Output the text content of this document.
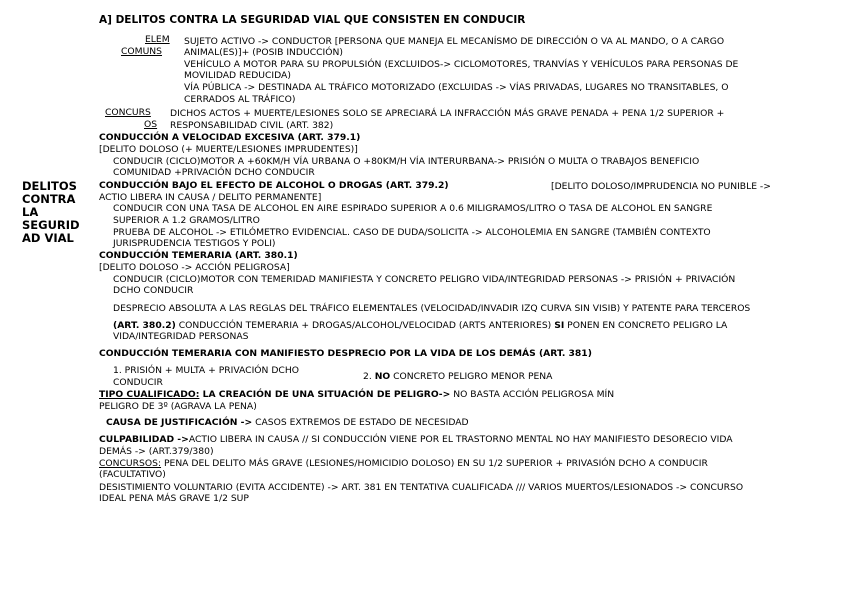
DELITOS
CONTRA
LA
SEGURID
AD VIAL
A] DELITOS CONTRA LA SEGURIDAD VIAL QUE CONSISTEN EN CONDUCIR
ELEM
COMUNS
SUJETO ACTIVO -> CONDUCTOR [PERSONA QUE MANEJA EL MECANÍSMO DE DIRECCIÓN O VA AL MANDO, O A CARGO
ANIMAL(ES)]+ (POSIB INDUCCIÓN)
VEHÍCULO A MOTOR PARA SU PROPULSIÓN (EXCLUIDOS-> CICLOMOTORES, TRANVÍAS Y VEHÍCULOS PARA PERSONAS DE
MOVILIDAD REDUCIDA)
VÍA PÚBLICA -> DESTINADA AL TRÁFICO MOTORIZADO (EXCLUIDAS -> VÍAS PRIVADAS, LUGARES NO TRANSITABLES, O
CERRADOS AL TRÁFICO)
CONCURS
OS
DICHOS ACTOS + MUERTE/LESIONES SOLO SE APRECIARÁ LA INFRACCIÓN MÁS GRAVE PENADA + PENA 1/2 SUPERIOR +
RESPONSABILIDAD CIVIL (ART. 382)
CONDUCCIÓN A VELOCIDAD EXCESIVA (ART. 379.1)
[DELITO DOLOSO (+ MUERTE/LESIONES IMPRUDENTES)]
CONDUCIR (CICLO)MOTOR A +60KM/H VÍA URBANA O +80KM/H VÍA INTERURBANA-> PRISIÓN O MULTA O TRABAJOS BENEFICIO
COMUNIDAD +PRIVACIÓN DCHO CONDUCIR
CONDUCCIÓN BAJO EL EFECTO DE ALCOHOL O DROGAS (ART. 379.2)	[DELITO DOLOSO/IMPRUDENCIA NO PUNIBLE ->
ACTIO LIBERA IN CAUSA / DELITO PERMANENTE]
CONDUCIR CON UNA TASA DE ALCOHOL EN AIRE ESPIRADO SUPERIOR A 0.6 MILIGRAMOS/LITRO O TASA DE ALCOHOL EN SANGRE
SUPERIOR A 1.2 GRAMOS/LITRO
PRUEBA DE ALCOHOL -> ETILÓMETRO EVIDENCIAL. CASO DE DUDA/SOLICITA -> ALCOHOLEMIA EN SANGRE (TAMBIÉN CONTEXTO
JURISPRUDENCIA TESTIGOS Y POLI)
CONDUCCIÓN TEMERARIA (ART. 380.1)
[DELITO DOLOSO -> ACCIÓN PELIGROSA]
CONDUCIR (CICLO)MOTOR CON TEMERIDAD MANIFIESTA Y CONCRETO PELIGRO VIDA/INTEGRIDAD PERSONAS -> PRISIÓN + PRIVACIÓN
DCHO CONDUCIR
DESPRECIO ABSOLUTA A LAS REGLAS DEL TRÁFICO ELEMENTALES (VELOCIDAD/INVADIR IZQ CURVA SIN VISIB) Y PATENTE PARA TERCEROS
(ART. 380.2) CONDUCCIÓN TEMERARIA + DROGAS/ALCOHOL/VELOCIDAD (ARTS ANTERIORES) SI PONEN EN CONCRETO PELIGRO LA
VIDA/INTEGRIDAD PERSONAS
CONDUCCIÓN TEMERARIA CON MANIFIESTO DESPRECIO POR LA VIDA DE LOS DEMÁS (ART. 381)
1. PRISIÓN + MULTA + PRIVACIÓN DCHO
CONDUCIR
2. NO CONCRETO PELIGRO MENOR PENA
TIPO CUALIFICADO: LA CREACIÓN DE UNA SITUACIÓN DE PELIGRO-> NO BASTA ACCIÓN PELIGROSA MÍN
PELIGRO DE 3º (AGRAVA LA PENA)
CAUSA DE JUSTIFICACIÓN -> CASOS EXTREMOS DE ESTADO DE NECESIDAD
CULPABILIDAD ->ACTIO LIBERA IN CAUSA // SI CONDUCCIÓN VIENE POR EL TRASTORNO MENTAL NO HAY MANIFIESTO DESORECIO VIDA
DEMÁS -> (ART.379/380)
CONCURSOS: PENA DEL DELITO MÁS GRAVE (LESIONES/HOMICIDIO DOLOSO) EN SU 1/2 SUPERIOR + PRIVASIÓN DCHO A CONDUCIR
(FACULTATIVO)
DESISTIMIENTO VOLUNTARIO (EVITA ACCIDENTE) -> ART. 381 EN TENTATIVA CUALIFICADA /// VARIOS MUERTOS/LESIONADOS -> CONCURSO
IDEAL PENA MÁS GRAVE 1/2 SUP
